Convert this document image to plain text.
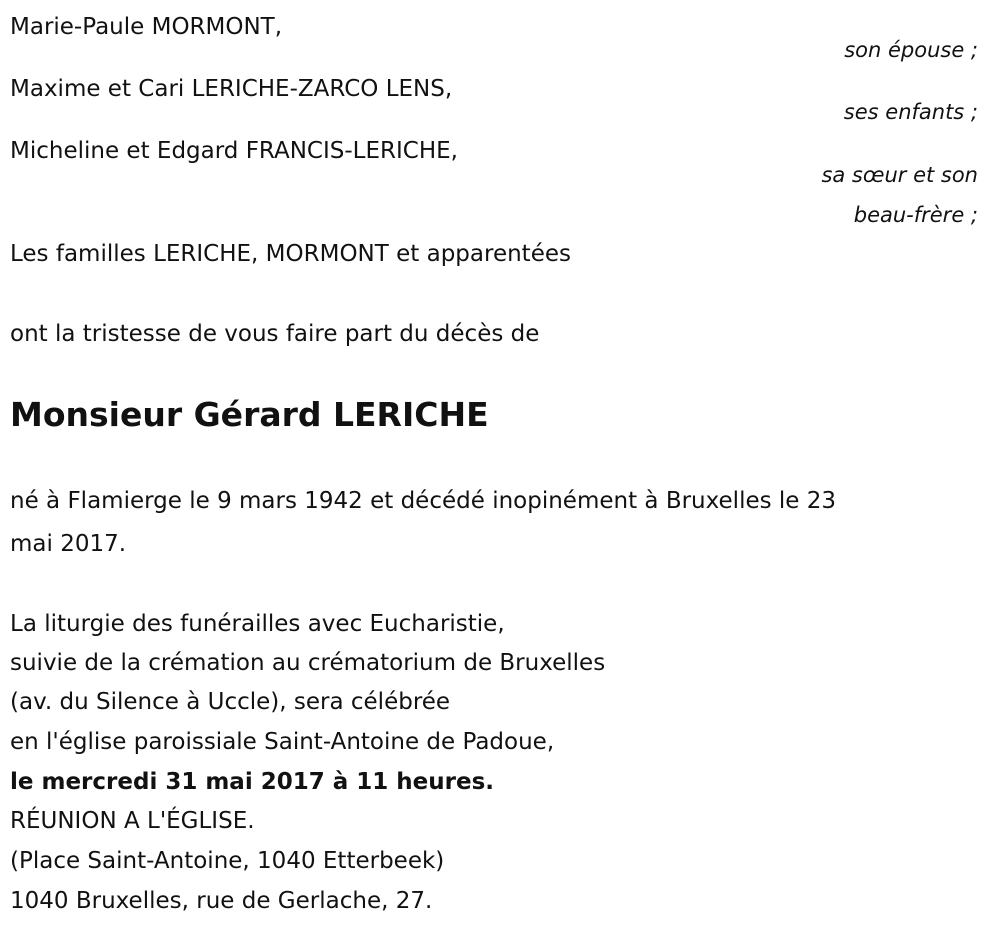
Marie-Paule MORMONT,
son épouse ;
Maxime et Cari LERICHE-ZARCO LENS,
ses enfants ;
Micheline et Edgard FRANCIS-LERICHE,
sa sœur et son
beau-frère ;
Les familles LERICHE, MORMONT et apparentées
ont la tristesse de vous faire part du décès de
Monsieur Gérard LERICHE
né à Flamierge le 9 mars 1942 et décédé inopinément à Bruxelles le 23
mai 2017.
La liturgie des funérailles avec Eucharistie,
suivie de la crémation au crématorium de Bruxelles
(av. du Silence à Uccle), sera célébrée
en l'église paroissiale Saint-Antoine de Padoue,
le mercredi 31 mai 2017 à 11 heures.
RÉUNION A L'ÉGLISE.
(Place Saint-Antoine, 1040 Etterbeek)
1040 Bruxelles, rue de Gerlache, 27.
